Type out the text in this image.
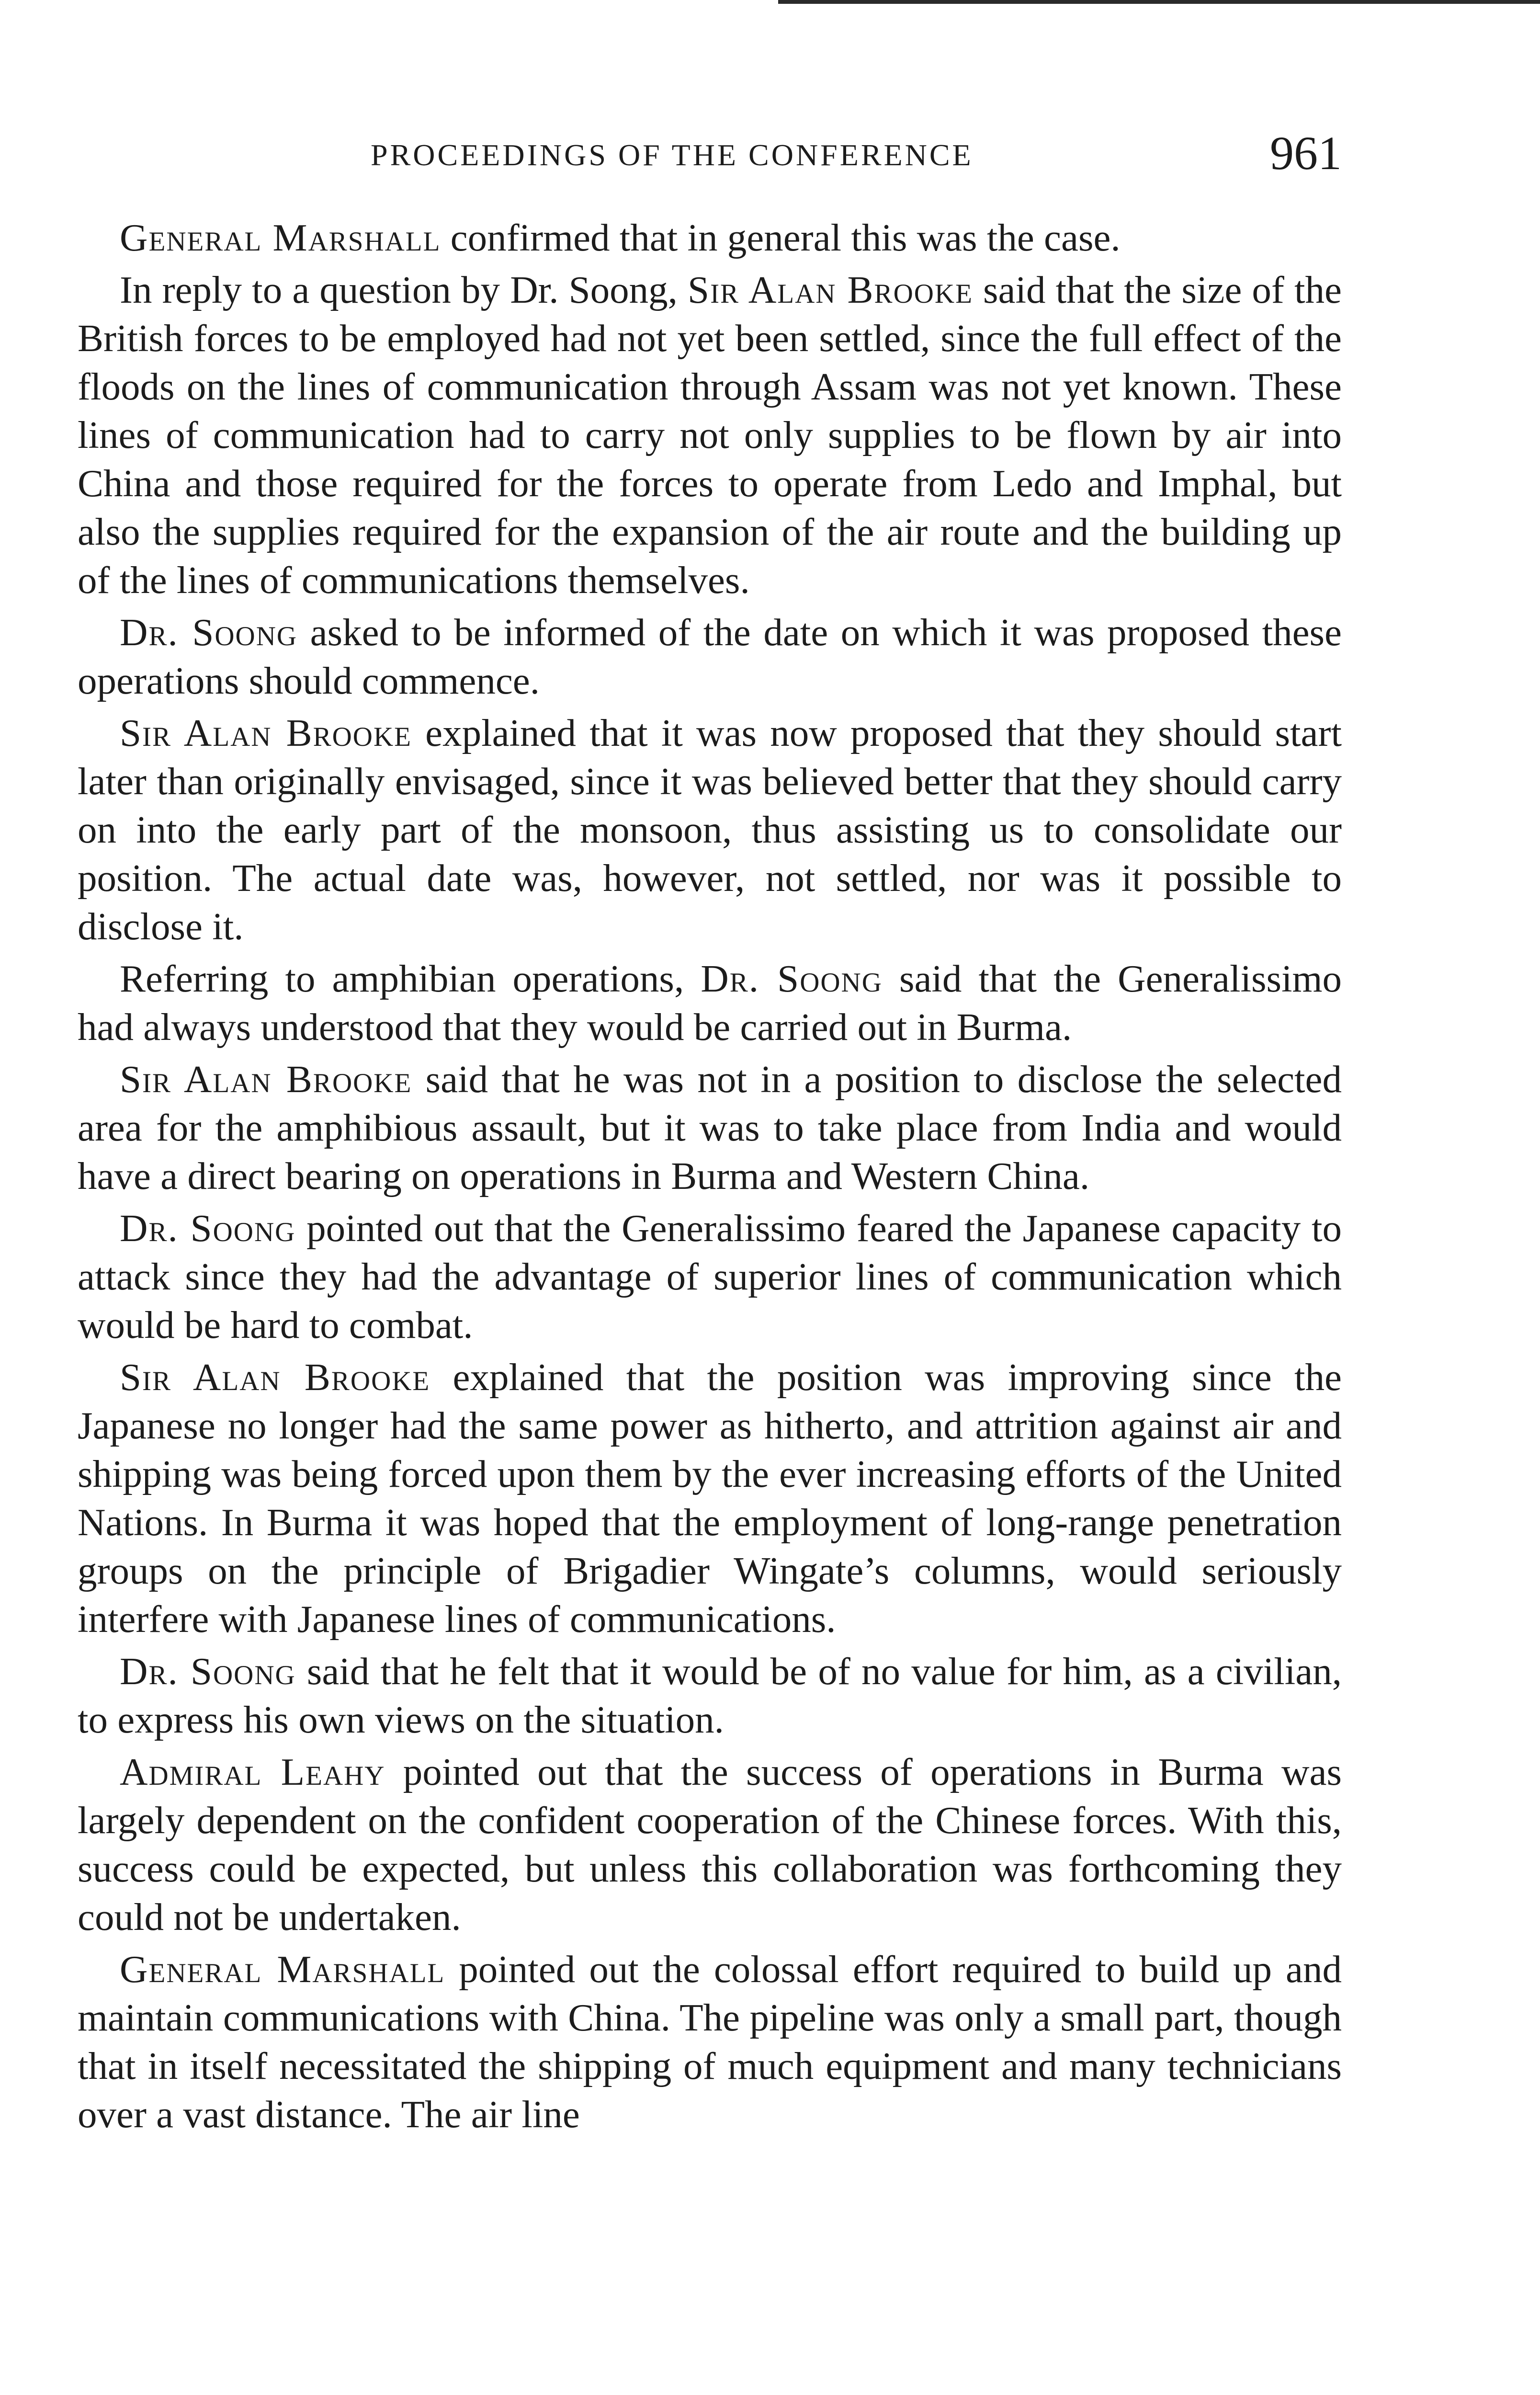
PROCEEDINGS OF THE CONFERENCE	961

General Marshall confirmed that in general this was the case.

In reply to a question by Dr. Soong, Sir Alan Brooke said that the size of the British forces to be employed had not yet been settled, since the full effect of the floods on the lines of communication through Assam was not yet known. These lines of communication had to carry not only supplies to be flown by air into China and those required for the forces to operate from Ledo and Imphal, but also the supplies required for the expansion of the air route and the building up of the lines of communications themselves.

Dr. Soong asked to be informed of the date on which it was proposed these operations should commence.

Sir Alan Brooke explained that it was now proposed that they should start later than originally envisaged, since it was believed better that they should carry on into the early part of the monsoon, thus assisting us to consolidate our position. The actual date was, however, not settled, nor was it possible to disclose it.

Referring to amphibian operations, Dr. Soong said that the Generalissimo had always understood that they would be carried out in Burma.

Sir Alan Brooke said that he was not in a position to disclose the selected area for the amphibious assault, but it was to take place from India and would have a direct bearing on operations in Burma and Western China.

Dr. Soong pointed out that the Generalissimo feared the Japanese capacity to attack since they had the advantage of superior lines of communication which would be hard to combat.

Sir Alan Brooke explained that the position was improving since the Japanese no longer had the same power as hitherto, and attrition against air and shipping was being forced upon them by the ever increasing efforts of the United Nations. In Burma it was hoped that the employment of long-range penetration groups on the principle of Brigadier Wingate’s columns, would seriously interfere with Japanese lines of communications.

Dr. Soong said that he felt that it would be of no value for him, as a civilian, to express his own views on the situation.

Admiral Leahy pointed out that the success of operations in Burma was largely dependent on the confident cooperation of the Chinese forces. With this, success could be expected, but unless this collaboration was forthcoming they could not be undertaken.

General Marshall pointed out the colossal effort required to build up and maintain communications with China. The pipeline was only a small part, though that in itself necessitated the shipping of much equipment and many technicians over a vast distance. The air line
